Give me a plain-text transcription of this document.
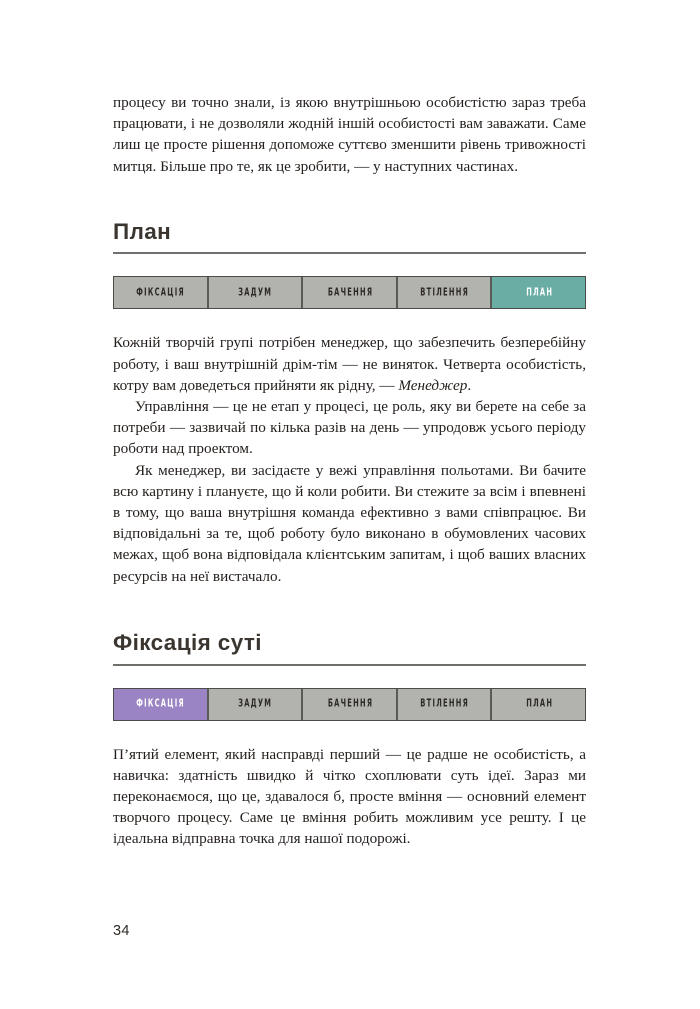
процесу ви точно знали, із якою внутрішньою особистістю зараз треба працювати, і не дозволяли жодній іншій особистості вам заважати. Саме лиш це просте рішення допоможе суттєво зменшити рівень тривожності митця. Більше про те, як це зробити, — у наступних частинах.

План
ФІКСАЦІЯ	ЗАДУМ	БАЧЕННЯ	ВТІЛЕННЯ	ПЛАН

Кожній творчій групі потрібен менеджер, що забезпечить безперебійну роботу, і ваш внутрішній дрім-тім — не виняток. Четверта особистість, котру вам доведеться прийняти як рідну, — Менеджер.

Управління — це не етап у процесі, це роль, яку ви берете на себе за потреби — зазвичай по кілька разів на день — упродовж усього періоду роботи над проектом.

Як менеджер, ви засідаєте у вежі управління польотами. Ви бачите всю картину і плануєте, що й коли робити. Ви стежите за всім і впевнені в тому, що ваша внутрішня команда ефективно з вами співпрацює. Ви відповідальні за те, щоб роботу було виконано в обумовлених часових межах, щоб вона відповідала клієнтським запитам, і щоб ваших власних ресурсів на неї вистачало.

Фіксація суті
ФІКСАЦІЯ	ЗАДУМ	БАЧЕННЯ	ВТІЛЕННЯ	ПЛАН

П’ятий елемент, який насправді перший — це радше не особистість, а навичка: здатність швидко й чітко схоплювати суть ідеї. Зараз ми переконаємося, що це, здавалося б, просте вміння — основний елемент творчого процесу. Саме це вміння робить можливим усе решту. І це ідеальна відправна точка для нашої подорожі.

34
